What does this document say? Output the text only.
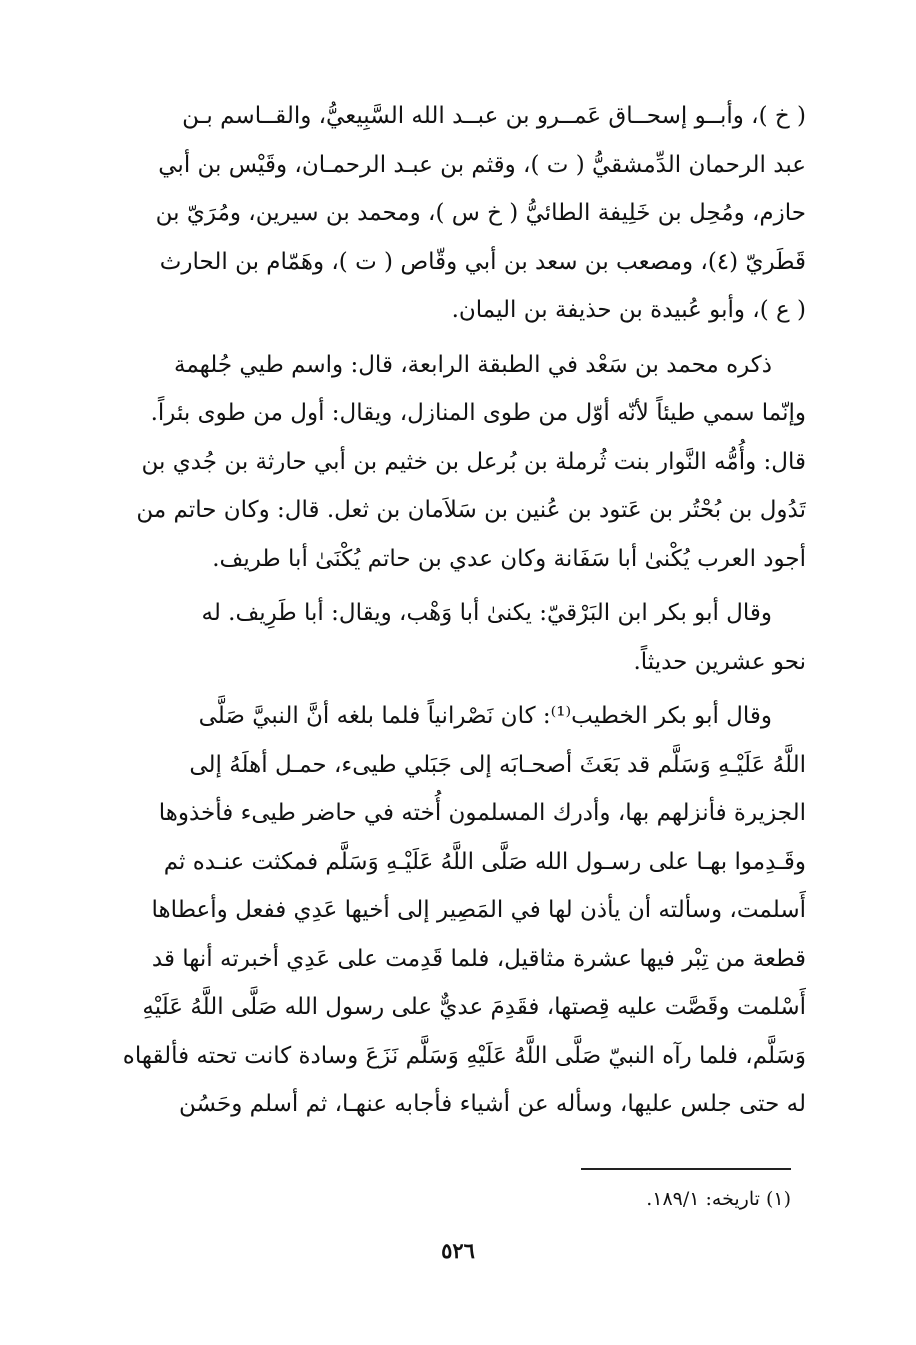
( خ )، وأبــو إسحــاق عَمــرو بن عبــد الله السَّبِيعيُّ، والقــاسم بـن
عبد الرحمان الدِّمشقيُّ ( ت )، وقثم بن عبـد الرحمـان، وقَيْس بن أبي
حازم، ومُحِل بن خَلِيفة الطائيُّ ( خ س )، ومحمد بن سيرين، ومُرَيّ بن
قَطَريّ (٤)، ومصعب بن سعد بن أبي وقّاص ( ت )، وهَمّام بن الحارث
( ع )، وأبو عُبيدة بن حذيفة بن اليمان.
ذكره محمد بن سَعْد في الطبقة الرابعة، قال: واسم طيي جُلهمة
وإنّما سمي طيئاً لأنّه أوّل من طوى المنازل، ويقال: أول من طوى بئراً.
قال: وأُمُّه النَّوار بنت ثُرملة بن بُرعل بن خثيم بن أبي حارثة بن جُدي بن
تَدُول بن بُحْتُر بن عَتود بن عُنين بن سَلاَمان بن ثعل. قال: وكان حاتم من
أجود العرب يُكْنىٰ أبا سَفَانة وكان عدي بن حاتم يُكْنَىٰ أبا طريف.
وقال أبو بكر ابن البَرْقيّ: يكنىٰ أبا وَهْب، ويقال: أبا طَرِيف. له
نحو عشرين حديثاً.
وقال أبو بكر الخطيب⁽¹⁾: كان نَصْرانياً فلما بلغه أنَّ النبيَّ صَلَّى
اللَّهُ عَلَيْـهِ وَسَلَّم قد بَعَثَ أصحـابَه إلى جَبَلي طيىء، حمـل أهلَهُ إلى
الجزيرة فأنزلهم بها، وأدرك المسلمون أُخته في حاضر طيىء فأخذوها
وقَـدِموا بهـا على رسـول الله صَلَّى اللَّهُ عَلَيْـهِ وَسَلَّم فمكثت عنـده ثم
أَسلمت، وسألته أن يأذن لها في المَصِير إلى أخيها عَدِي ففعل وأعطاها
قطعة من تِبْر فيها عشرة مثاقيل، فلما قَدِمت على عَدِي أخبرته أنها قد
أَسْلمت وقَصَّت عليه قِصتها، فقَدِمَ عديٌّ على رسول الله صَلَّى اللَّهُ عَلَيْهِ
وَسَلَّم، فلما رآه النبيّ صَلَّى اللَّهُ عَلَيْهِ وَسَلَّم نَزَعَ وسادة كانت تحته فألقهاه
له حتى جلس عليها، وسأله عن أشياء فأجابه عنهـا، ثم أسلم وحَسُن
(١) تاريخه: ١٨٩/١.
٥٢٦
